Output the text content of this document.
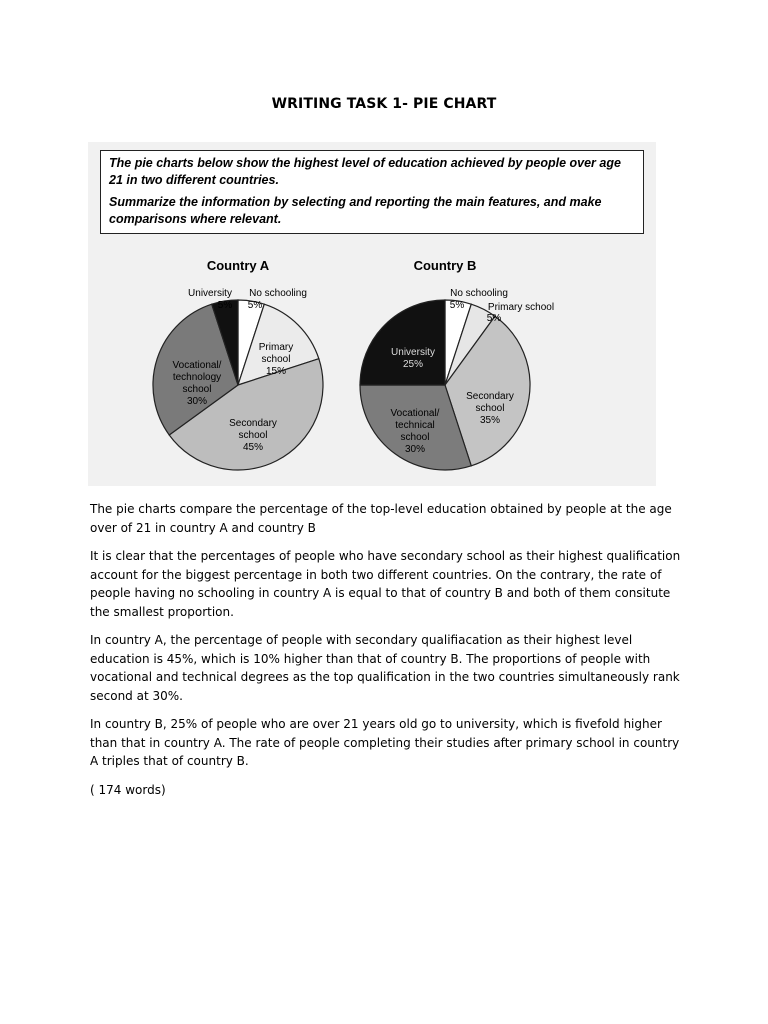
WRITING TASK 1- PIE CHART

The pie charts below show the highest level of education achieved by people over age 21 in two different countries.

Summarize the information by selecting and reporting the main features, and make comparisons where relevant.

Country A	Country B
University
5%
No schooling
5%
Primary
school
15%
Vocational/
technology
school
30%
Secondary
school
45%
No schooling
5% Primary school
5%
University
25%
Secondary
school
35%
Vocational/
technical
school
30%

The pie charts compare the percentage of the top-level education obtained by people at the age over of 21 in country A and country B

It is clear that the percentages of people who have secondary school as their highest qualification account for the biggest percentage in both two different countries. On the contrary, the rate of people having no schooling in country A is equal to that of country B and both of them consitute the smallest proportion.

In country A, the percentage of people with secondary qualifiacation as their highest level education is 45%, which is 10% higher than that of country B. The proportions of people with vocational and technical degrees as the top qualification in the two countries simultaneously rank second at 30%.

In country B, 25% of people who are over 21 years old go to university, which is fivefold higher than that in country A. The rate of people completing their studies after primary school in country A triples that of country B.

( 174 words)
